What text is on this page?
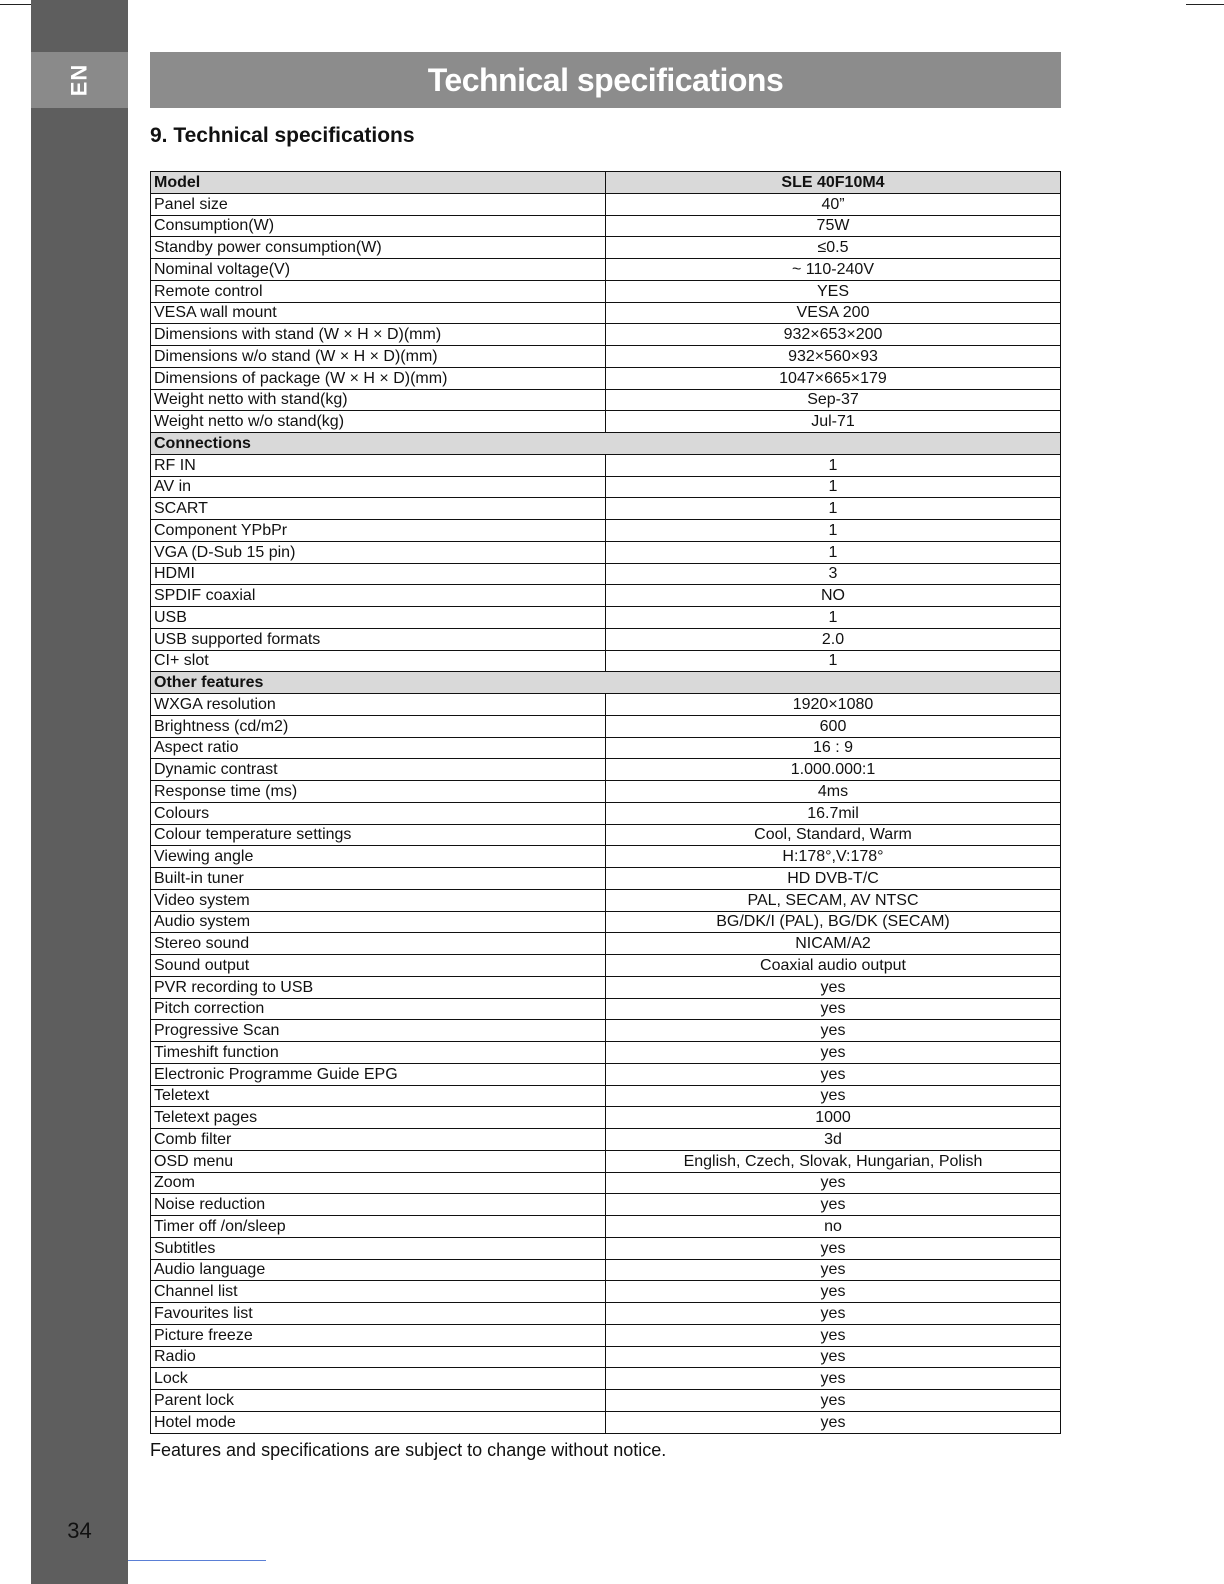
EN
34
Technical specifications
9. Technical specifications
Model	SLE 40F10M4
Panel size	40”
Consumption(W)	75W
Standby power consumption(W)	≤0.5
Nominal voltage(V)	~ 110-240V
Remote control	YES
VESA wall mount	VESA 200
Dimensions with stand (W × H × D)(mm)	932×653×200
Dimensions w/o stand (W × H × D)(mm)	932×560×93
Dimensions of package (W × H × D)(mm)	1047×665×179
Weight netto with stand(kg)	Sep-37
Weight netto w/o stand(kg)	Jul-71
Connections	
RF IN	1
AV in	1
SCART	1
Component YPbPr	1
VGA (D-Sub 15 pin)	1
HDMI	3
SPDIF coaxial	NO
USB	1
USB supported formats	2.0
CI+ slot	1
Other features	
WXGA resolution	1920×1080
Brightness (cd/m2)	600
Aspect ratio	16 : 9
Dynamic contrast	1.000.000:1
Response time (ms)	4ms
Colours	16.7mil
Colour temperature settings	Cool, Standard, Warm
Viewing angle	H:178°,V:178°
Built-in tuner	HD DVB-T/C
Video system	PAL, SECAM, AV NTSC
Audio system	BG/DK/I (PAL), BG/DK (SECAM)
Stereo sound	NICAM/A2
Sound output	Coaxial audio output
PVR recording to USB	yes
Pitch correction	yes
Progressive Scan	yes
Timeshift function	yes
Electronic Programme Guide EPG	yes
Teletext	yes
Teletext pages	1000
Comb filter	3d
OSD menu	English, Czech, Slovak, Hungarian, Polish
Zoom	yes
Noise reduction	yes
Timer off /on/sleep	no
Subtitles	yes
Audio language	yes
Channel list	yes
Favourites list	yes
Picture freeze	yes
Radio	yes
Lock	yes
Parent lock	yes
Hotel mode	yes
Features and specifications are subject to change without notice.
